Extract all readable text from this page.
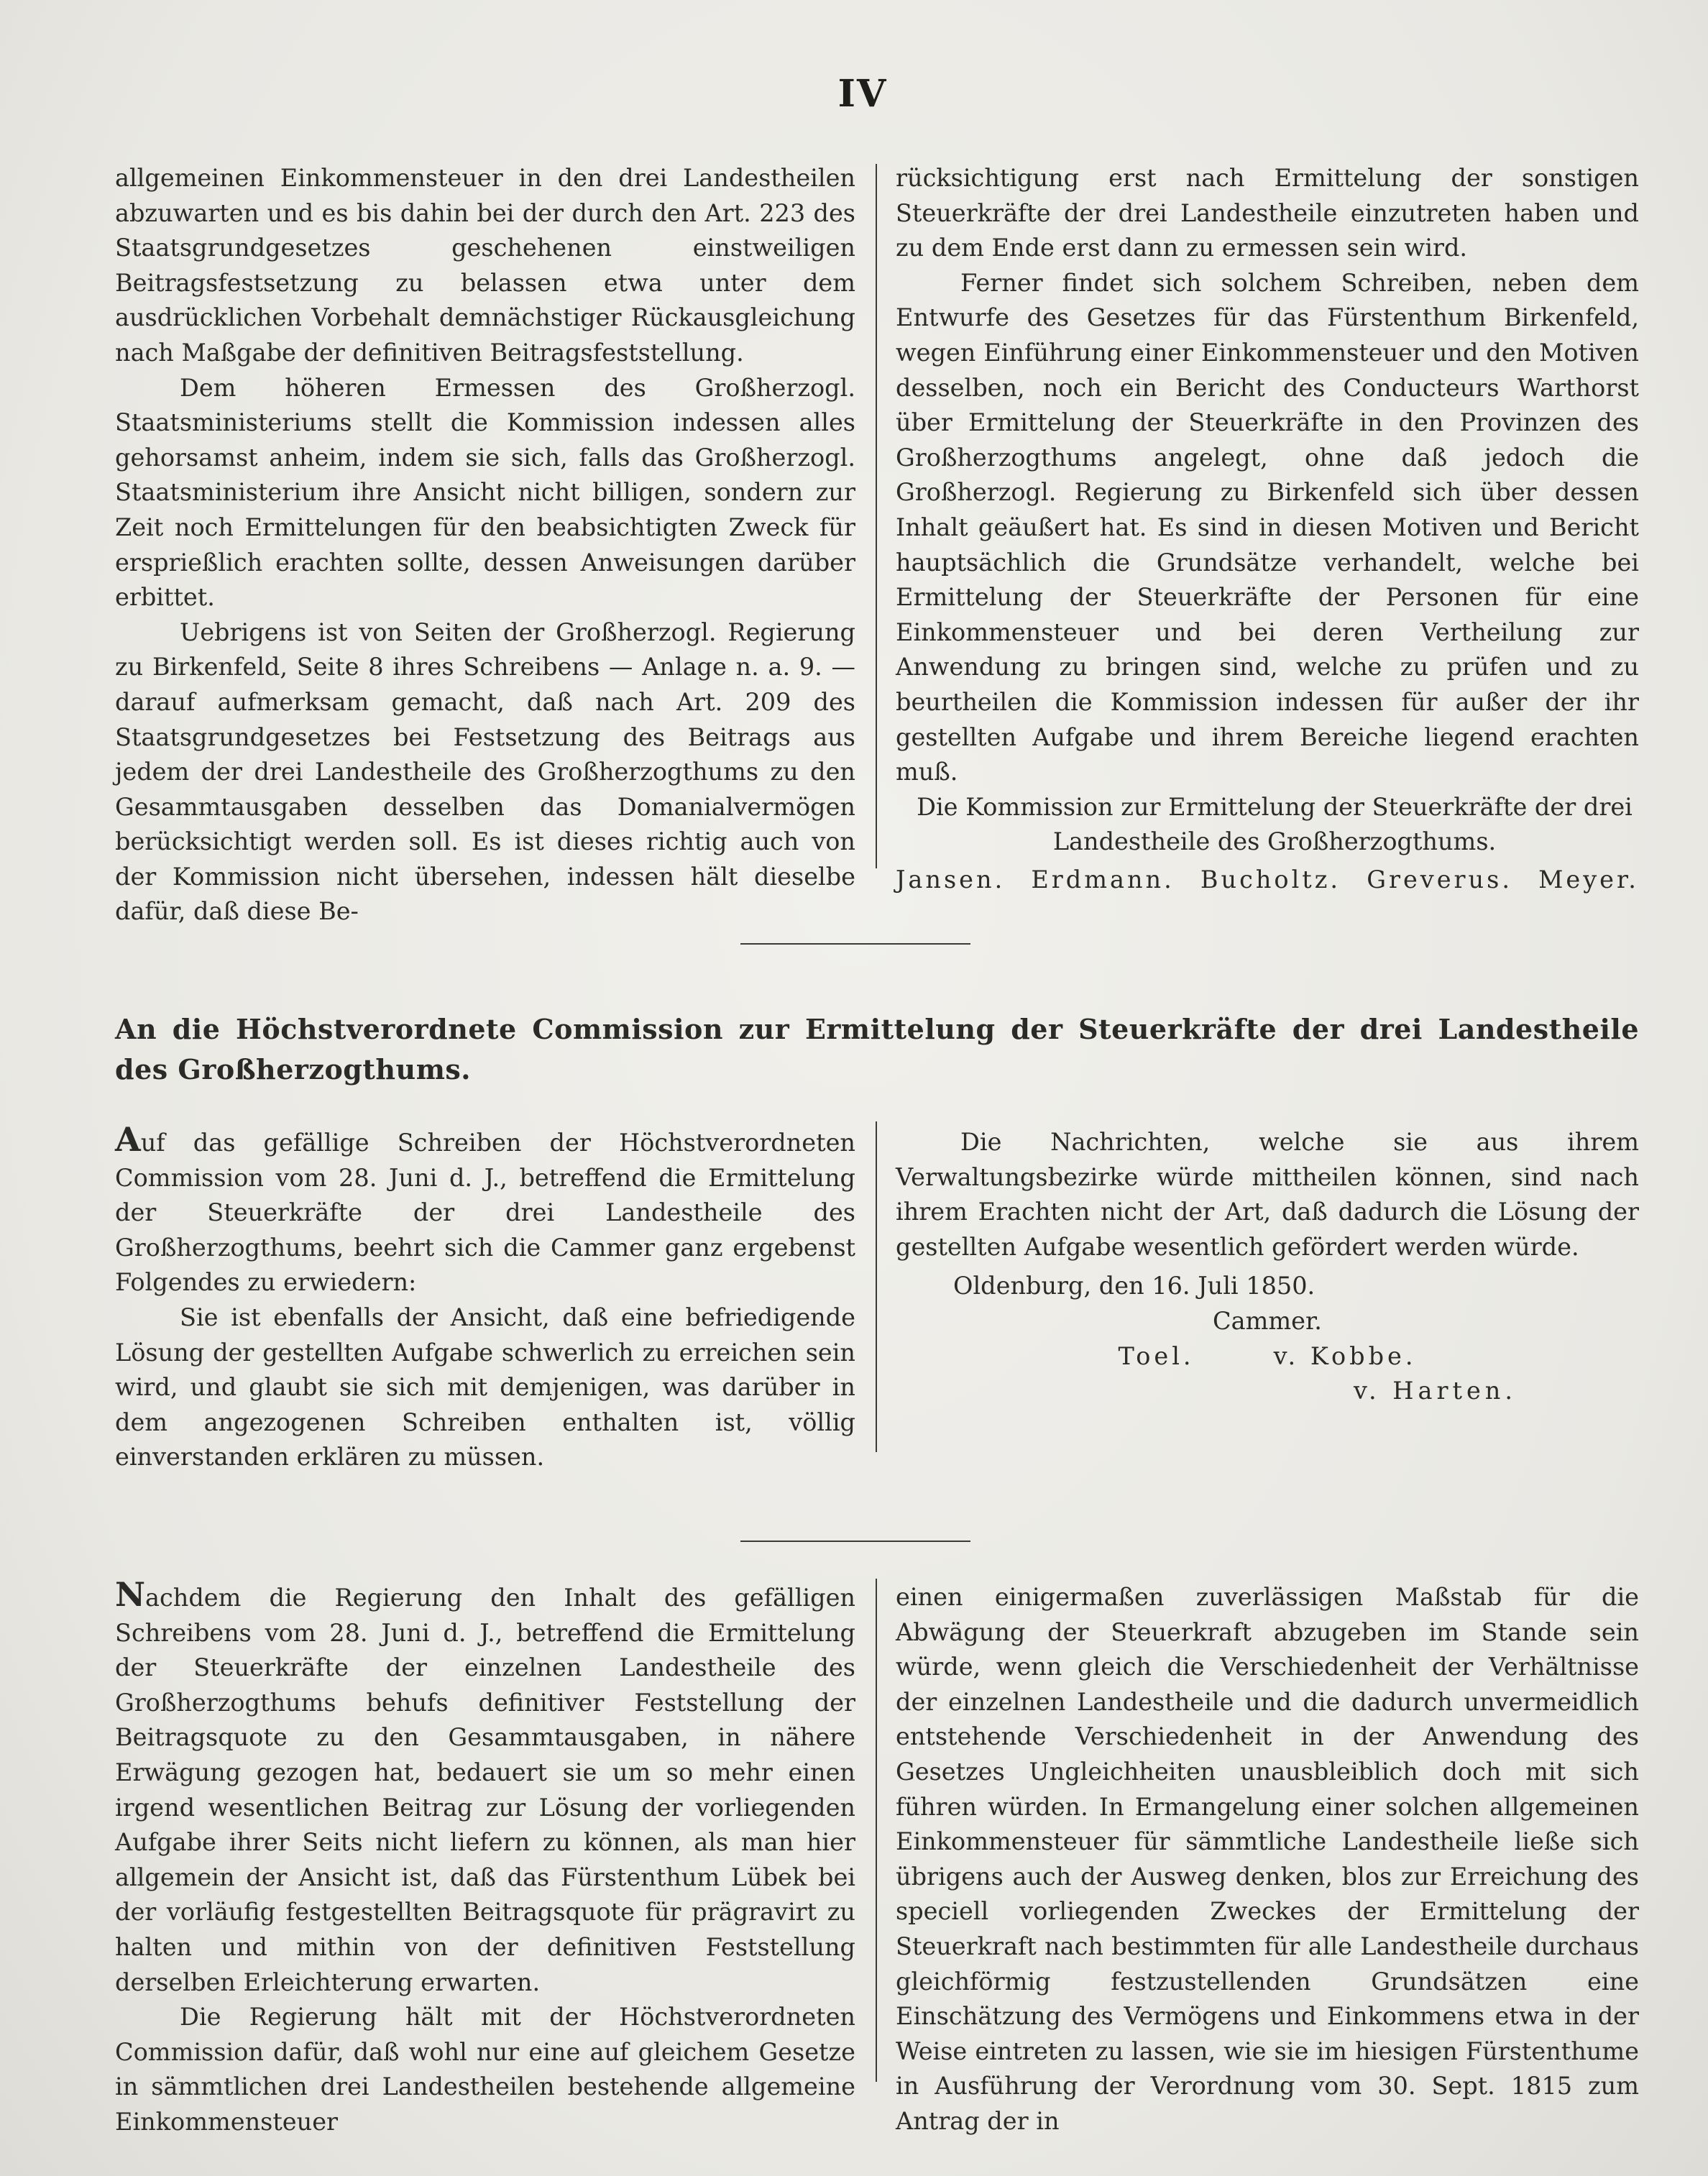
IV

allgemeinen Einkommensteuer in den drei Landestheilen abzuwarten und es bis dahin bei der durch den Art. 223 des Staatsgrundgesetzes geschehenen einstweiligen Beitragsfestsetzung zu belassen etwa unter dem ausdrücklichen Vorbehalt demnächstiger Rückausgleichung nach Maßgabe der definitiven Beitragsfeststellung.

Dem höheren Ermessen des Großherzogl. Staatsministeriums stellt die Kommission indessen alles gehorsamst anheim, indem sie sich, falls das Großherzogl. Staatsministerium ihre Ansicht nicht billigen, sondern zur Zeit noch Ermittelungen für den beabsichtigten Zweck für ersprießlich erachten sollte, dessen Anweisungen darüber erbittet.

Uebrigens ist von Seiten der Großherzogl. Regierung zu Birkenfeld, Seite 8 ihres Schreibens — Anlage n. a. 9. — darauf aufmerksam gemacht, daß nach Art. 209 des Staatsgrundgesetzes bei Festsetzung des Beitrags aus jedem der drei Landestheile des Großherzogthums zu den Gesammtausgaben desselben das Domanialvermögen berücksichtigt werden soll. Es ist dieses richtig auch von der Kommission nicht übersehen, indessen hält dieselbe dafür, daß diese Be-

rücksichtigung erst nach Ermittelung der sonstigen Steuerkräfte der drei Landestheile einzutreten haben und zu dem Ende erst dann zu ermessen sein wird.

Ferner findet sich solchem Schreiben, neben dem Entwurfe des Gesetzes für das Fürstenthum Birkenfeld, wegen Einführung einer Einkommensteuer und den Motiven desselben, noch ein Bericht des Conducteurs Warthorst über Ermittelung der Steuerkräfte in den Provinzen des Großherzogthums angelegt, ohne daß jedoch die Großherzogl. Regierung zu Birkenfeld sich über dessen Inhalt geäußert hat. Es sind in diesen Motiven und Bericht hauptsächlich die Grundsätze verhandelt, welche bei Ermittelung der Steuerkräfte der Personen für eine Einkommensteuer und bei deren Vertheilung zur Anwendung zu bringen sind, welche zu prüfen und zu beurtheilen die Kommission indessen für außer der ihr gestellten Aufgabe und ihrem Bereiche liegend erachten muß.

Die Kommission zur Ermittelung der Steuerkräfte der drei Landestheile des Großherzogthums.

Jansen. Erdmann. Bucholtz. Greverus. Meyer.
An die Höchstverordnete Commission zur Ermittelung der Steuerkräfte der drei Landestheile des Großherzogthums.

Auf das gefällige Schreiben der Höchstverordneten Commission vom 28. Juni d. J., betreffend die Ermittelung der Steuerkräfte der drei Landestheile des Großherzogthums, beehrt sich die Cammer ganz ergebenst Folgendes zu erwiedern:

Sie ist ebenfalls der Ansicht, daß eine befriedigende Lösung der gestellten Aufgabe schwerlich zu erreichen sein wird, und glaubt sie sich mit demjenigen, was darüber in dem angezogenen Schreiben enthalten ist, völlig einverstanden erklären zu müssen.

Die Nachrichten, welche sie aus ihrem Verwaltungsbezirke würde mittheilen können, sind nach ihrem Erachten nicht der Art, daß dadurch die Lösung der gestellten Aufgabe wesentlich gefördert werden würde.

Oldenburg, den 16. Juli 1850.

Cammer.

Toel.	v. Kobbe.

v. Harten.

Nachdem die Regierung den Inhalt des gefälligen Schreibens vom 28. Juni d. J., betreffend die Ermittelung der Steuerkräfte der einzelnen Landestheile des Großherzogthums behufs definitiver Feststellung der Beitragsquote zu den Gesammtausgaben, in nähere Erwägung gezogen hat, bedauert sie um so mehr einen irgend wesentlichen Beitrag zur Lösung der vorliegenden Aufgabe ihrer Seits nicht liefern zu können, als man hier allgemein der Ansicht ist, daß das Fürstenthum Lübek bei der vorläufig festgestellten Beitragsquote für prägravirt zu halten und mithin von der definitiven Feststellung derselben Erleichterung erwarten.

Die Regierung hält mit der Höchstverordneten Commission dafür, daß wohl nur eine auf gleichem Gesetze in sämmtlichen drei Landestheilen bestehende allgemeine Einkommensteuer

einen einigermaßen zuverlässigen Maßstab für die Abwägung der Steuerkraft abzugeben im Stande sein würde, wenn gleich die Verschiedenheit der Verhältnisse der einzelnen Landestheile und die dadurch unvermeidlich entstehende Verschiedenheit in der Anwendung des Gesetzes Ungleichheiten unausbleiblich doch mit sich führen würden. In Ermangelung einer solchen allgemeinen Einkommensteuer für sämmtliche Landestheile ließe sich übrigens auch der Ausweg denken, blos zur Erreichung des speciell vorliegenden Zweckes der Ermittelung der Steuerkraft nach bestimmten für alle Landestheile durchaus gleichförmig festzustellenden Grundsätzen eine Einschätzung des Vermögens und Einkommens etwa in der Weise eintreten zu lassen, wie sie im hiesigen Fürstenthume in Ausführung der Verordnung vom 30. Sept. 1815 zum Antrag der in
